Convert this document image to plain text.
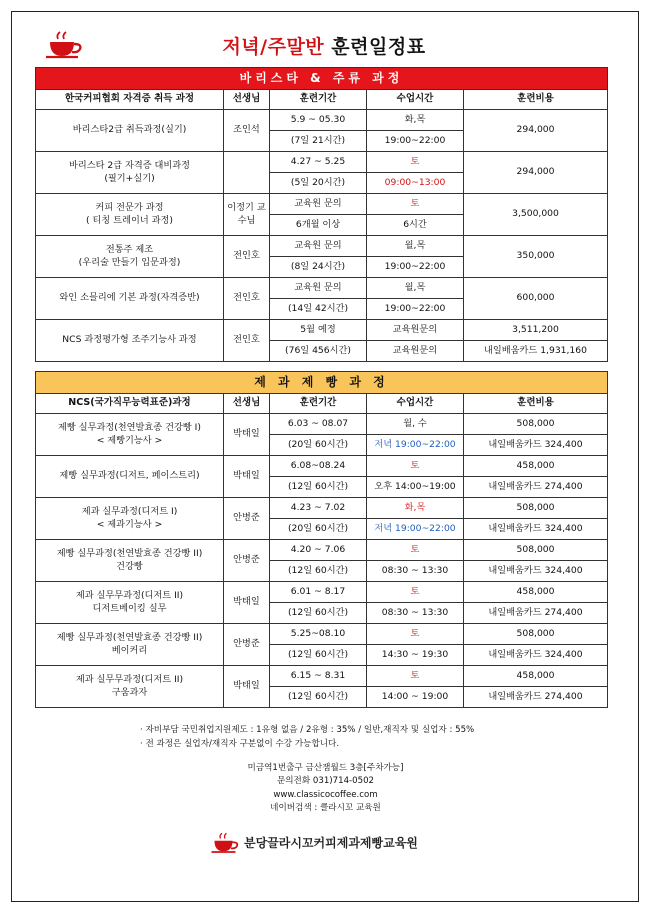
저녁/주말반 훈련일정표
바리스타 & 주류 과정				
한국커피협회 자격증 취득 과정	선생님	훈련기간	수업시간	훈련비용

바리스타2급 취득과정(실기)	조인석	5.9 ~ 05.30	화,목	294,000
		(7일 21시간)	19:00~22:00	

바리스타 2급 자격증 대비과정
(필기+실기)		4.27 ~ 5.25	토	294,000
		(5일 20시간)	09:00~13:00	

커피 전문가 과정
( 티칭 트레이너 과정)	이정기 교수님	교육원 문의	토	3,500,000
		6개월 이상	6시간	

전통주 제조
(우리술 만들기 입문과정)	전인호	교육원 문의	월,목	350,000
		(8일 24시간)	19:00~22:00	

와인 소믈리에 기본 과정(자격증반)	전인호	교육원 문의	월,목	600,000
		(14일 42시간)	19:00~22:00	

NCS 과정평가형 조주기능사 과정	전인호	5월 예정	교육원문의	3,511,200
		(76일 456시간)	교육원문의	내일배움카드 1,931,160
제 과 제 빵 과 정				
NCS(국가직무능력표준)과정	선생님	훈련기간	수업시간	훈련비용

제빵 실무과정(천연발효종 건강빵 I)
< 제빵기능사 >	박태일	6.03 ~ 08.07	월, 수	508,000
		(20일 60시간)	저녁 19:00~22:00	내일배움카드 324,400

제빵 실무과정(디저트, 페이스트리)	박태일	6.08~08.24	토	458,000
		(12일 60시간)	오후 14:00~19:00	내일배움카드 274,400

제과 실무과정(디저트 I)
< 제과기능사 >	안병준	4.23 ~ 7.02	화,목	508,000
		(20일 60시간)	저녁 19:00~22:00	내일배움카드 324,400

제빵 실무과정(천연발효종 건강빵 II)
건강빵	안병준	4.20 ~ 7.06	토	508,000
		(12일 60시간)	08:30 ~ 13:30	내일배움카드 324,400

제과 실무무과정(디저트 II)
디저트베이킹 실무	박태일	6.01 ~ 8.17	토	458,000
		(12일 60시간)	08:30 ~ 13:30	내일배움카드 274,400

제빵 실무과정(천연발효종 건강빵 II)
베이커리	안병준	5.25~08.10	토	508,000
		(12일 60시간)	14:30 ~ 19:30	내일배움카드 324,400

제과 실무무과정(디저트 II)
구움과자	박태일	6.15 ~ 8.31	토	458,000
		(12일 60시간)	14:00 ~ 19:00	내일배움카드 274,400
· 자비부담 국민취업지원제도 : 1유형 없음 / 2유형 : 35% / 일반,재직자 및 실업자 : 55%
· 전 과정은 실업자/재직자 구분없이 수강 가능합니다.
미금역1번출구 금산잼월드 3층[주차가능]
문의전화 031)714-0502
www.classicocoffee.com
네이버검색 : 클라시꼬 교육원
분당끌라시꼬커피제과제빵교육원
